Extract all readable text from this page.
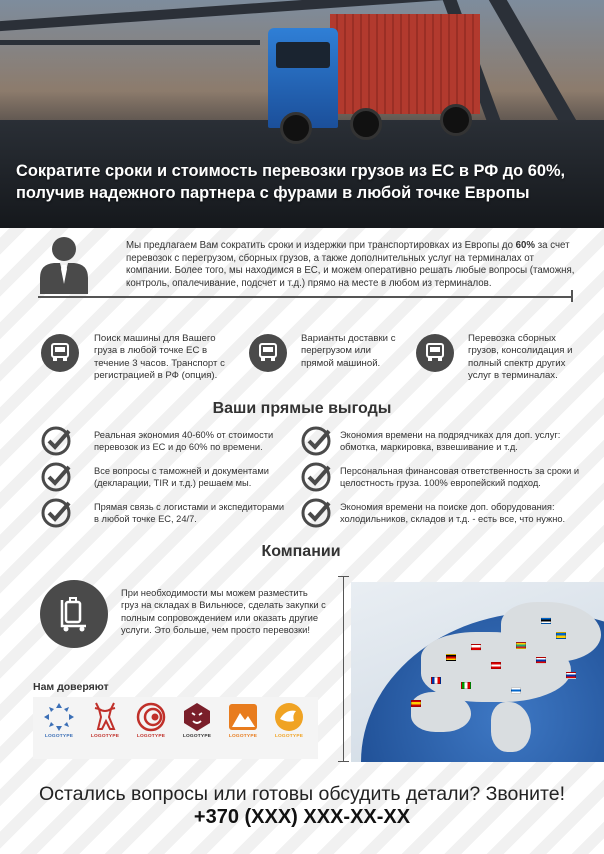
Сократите сроки и стоимость перевозки грузов из ЕС в РФ до 60%,
получив надежного партнера с фурами в любой точке Европы
Мы предлагаем Вам сократить сроки и издержки при транспортировках из Европы до 60% за счет перевозок с перегрузом, сборных грузов, а также дополнительных услуг на терминалах от компании. Более того, мы находимся в ЕС, и можем оперативно решать любые вопросы (таможня, контроль, опалечивание, подсчет и т.д.) прямо на месте в любом из терминалов.
Поиск машины для Вашего груза в любой точке ЕС в течение 3 часов. Транспорт с регистрацией в РФ (опция).
Варианты доставки с перегрузом или прямой машиной.
Перевозка сборных грузов, консолидация и полный спектр других услуг в терминалах.
Ваши прямые выгоды
Реальная экономия 40-60% от стоимости перевозок из ЕС и до 60% по времени.
Экономия времени на подрядчиках для доп. услуг: обмотка, маркировка, взвешивание и т.д.
Все вопросы с таможней и документами (декларации, TIR и т.д.) решаем мы.
Персональная финансовая ответственность за сроки и целостность груза. 100% европейский подход.
Прямая связь с логистами и экспедиторами в любой точке ЕС, 24/7.
Экономия времени на поиске доп. оборудования: холодильников, складов и т.д. - есть все, что нужно.
Компании
При необходимости мы можем разместить груз на складах в Вильнюсе, сделать закупки с полным сопровождением или оказать другие услуги. Это больше, чем просто перевозки!
Нам доверяют
LOGOTYPE	LOGOTYPE	LOGOTYPE	LOGOTYPE	LOGOTYPE	LOGOTYPE
Остались вопросы или готовы обсудить детали? Звоните!
+370 (XXX) XXX-XX-XX
